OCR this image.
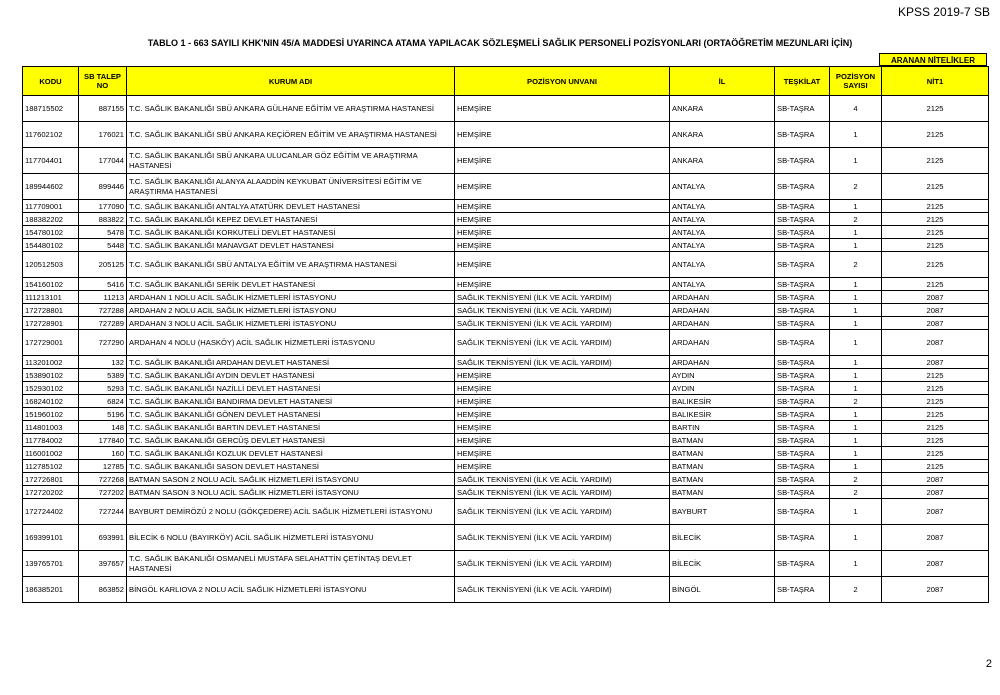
KPSS 2019-7 SB
TABLO 1 - 663 SAYILI KHK'NIN 45/A MADDESİ UYARINCA ATAMA YAPILACAK SÖZLEŞMELİ SAĞLIK PERSONELİ POZİSYONLARI (ORTAÖĞRETİM MEZUNLARI İÇİN)
ARANAN NİTELİKLER
KODU	SB TALEP NO	KURUM ADI	POZİSYON UNVANI	İL	TEŞKİLAT	POZİSYON SAYISI	NİT1
188715502	887155	T.C. SAĞLIK BAKANLIĞI SBÜ ANKARA GÜLHANE EĞİTİM VE ARAŞTIRMA HASTANESİ	HEMŞİRE	ANKARA	SB-TAŞRA	4	2125
117602102	176021	T.C. SAĞLIK BAKANLIĞI SBÜ ANKARA KEÇİÖREN EĞİTİM VE ARAŞTIRMA HASTANESİ	HEMŞİRE	ANKARA	SB-TAŞRA	1	2125
117704401	177044	T.C. SAĞLIK BAKANLIĞI SBÜ ANKARA ULUCANLAR GÖZ EĞİTİM VE ARAŞTIRMA HASTANESİ	HEMŞİRE	ANKARA	SB-TAŞRA	1	2125
189944602	899446	T.C. SAĞLIK BAKANLIĞI ALANYA ALAADDİN KEYKUBAT ÜNİVERSİTESİ EĞİTİM VE ARAŞTIRMA HASTANESİ	HEMŞİRE	ANTALYA	SB-TAŞRA	2	2125
117709001	177090	T.C. SAĞLIK BAKANLIĞI ANTALYA ATATÜRK DEVLET HASTANESİ	HEMŞİRE	ANTALYA	SB-TAŞRA	1	2125
188382202	883822	T.C. SAĞLIK BAKANLIĞI KEPEZ DEVLET HASTANESİ	HEMŞİRE	ANTALYA	SB-TAŞRA	2	2125
154780102	5478	T.C. SAĞLIK BAKANLIĞI KORKUTELİ DEVLET HASTANESİ	HEMŞİRE	ANTALYA	SB-TAŞRA	1	2125
154480102	5448	T.C. SAĞLIK BAKANLIĞI MANAVGAT DEVLET HASTANESİ	HEMŞİRE	ANTALYA	SB-TAŞRA	1	2125
120512503	205125	T.C. SAĞLIK BAKANLIĞI SBÜ ANTALYA EĞİTİM VE ARAŞTIRMA HASTANESİ	HEMŞİRE	ANTALYA	SB-TAŞRA	2	2125
154160102	5416	T.C. SAĞLIK BAKANLIĞI SERİK DEVLET HASTANESİ	HEMŞİRE	ANTALYA	SB-TAŞRA	1	2125
111213101	11213	ARDAHAN 1 NOLU ACİL SAĞLIK HİZMETLERİ İSTASYONU	SAĞLIK TEKNİSYENİ (İLK VE ACİL YARDIM)	ARDAHAN	SB-TAŞRA	1	2087
172728801	727288	ARDAHAN 2 NOLU ACİL SAĞLIK HİZMETLERİ İSTASYONU	SAĞLIK TEKNİSYENİ (İLK VE ACİL YARDIM)	ARDAHAN	SB-TAŞRA	1	2087
172728901	727289	ARDAHAN 3 NOLU ACİL SAĞLIK HİZMETLERİ İSTASYONU	SAĞLIK TEKNİSYENİ (İLK VE ACİL YARDIM)	ARDAHAN	SB-TAŞRA	1	2087
172729001	727290	ARDAHAN 4 NOLU (HASKÖY) ACİL SAĞLIK HİZMETLERİ İSTASYONU	SAĞLIK TEKNİSYENİ (İLK VE ACİL YARDIM)	ARDAHAN	SB-TAŞRA	1	2087
113201002	132	T.C. SAĞLIK BAKANLIĞI ARDAHAN DEVLET HASTANESİ	SAĞLIK TEKNİSYENİ (İLK VE ACİL YARDIM)	ARDAHAN	SB-TAŞRA	1	2087
153890102	5389	T.C. SAĞLIK BAKANLIĞI AYDIN DEVLET HASTANESİ	HEMŞİRE	AYDIN	SB-TAŞRA	1	2125
152930102	5293	T.C. SAĞLIK BAKANLIĞI NAZİLLİ DEVLET HASTANESİ	HEMŞİRE	AYDIN	SB-TAŞRA	1	2125
168240102	6824	T.C. SAĞLIK BAKANLIĞI BANDIRMA DEVLET HASTANESİ	HEMŞİRE	BALIKESİR	SB-TAŞRA	2	2125
151960102	5196	T.C. SAĞLIK BAKANLIĞI GÖNEN DEVLET HASTANESİ	HEMŞİRE	BALIKESİR	SB-TAŞRA	1	2125
114801003	148	T.C. SAĞLIK BAKANLIĞI BARTIN DEVLET HASTANESİ	HEMŞİRE	BARTIN	SB-TAŞRA	1	2125
117784002	177840	T.C. SAĞLIK BAKANLIĞI GERCÜŞ DEVLET HASTANESİ	HEMŞİRE	BATMAN	SB-TAŞRA	1	2125
116001002	160	T.C. SAĞLIK BAKANLIĞI KOZLUK DEVLET HASTANESİ	HEMŞİRE	BATMAN	SB-TAŞRA	1	2125
112785102	12785	T.C. SAĞLIK BAKANLIĞI SASON DEVLET HASTANESİ	HEMŞİRE	BATMAN	SB-TAŞRA	1	2125
172726801	727268	BATMAN SASON 2 NOLU ACİL SAĞLIK HİZMETLERİ İSTASYONU	SAĞLIK TEKNİSYENİ (İLK VE ACİL YARDIM)	BATMAN	SB-TAŞRA	2	2087
172720202	727202	BATMAN SASON 3 NOLU ACİL SAĞLIK HİZMETLERİ İSTASYONU	SAĞLIK TEKNİSYENİ (İLK VE ACİL YARDIM)	BATMAN	SB-TAŞRA	2	2087
172724402	727244	BAYBURT DEMİRÖZÜ 2 NOLU (GÖKÇEDERE) ACİL SAĞLIK HİZMETLERİ İSTASYONU	SAĞLIK TEKNİSYENİ (İLK VE ACİL YARDIM)	BAYBURT	SB-TAŞRA	1	2087
169399101	693991	BİLECİK 6 NOLU (BAYIRKÖY) ACİL SAĞLIK HİZMETLERİ İSTASYONU	SAĞLIK TEKNİSYENİ (İLK VE ACİL YARDIM)	BİLECİK	SB-TAŞRA	1	2087
139765701	397657	T.C. SAĞLIK BAKANLIĞI OSMANELİ MUSTAFA SELAHATTİN ÇETİNTAŞ DEVLET HASTANESİ	SAĞLIK TEKNİSYENİ (İLK VE ACİL YARDIM)	BİLECİK	SB-TAŞRA	1	2087
186385201	863852	BİNGÖL KARLIOVA 2 NOLU ACİL SAĞLIK HİZMETLERİ İSTASYONU	SAĞLIK TEKNİSYENİ (İLK VE ACİL YARDIM)	BİNGÖL	SB-TAŞRA	2	2087
2
